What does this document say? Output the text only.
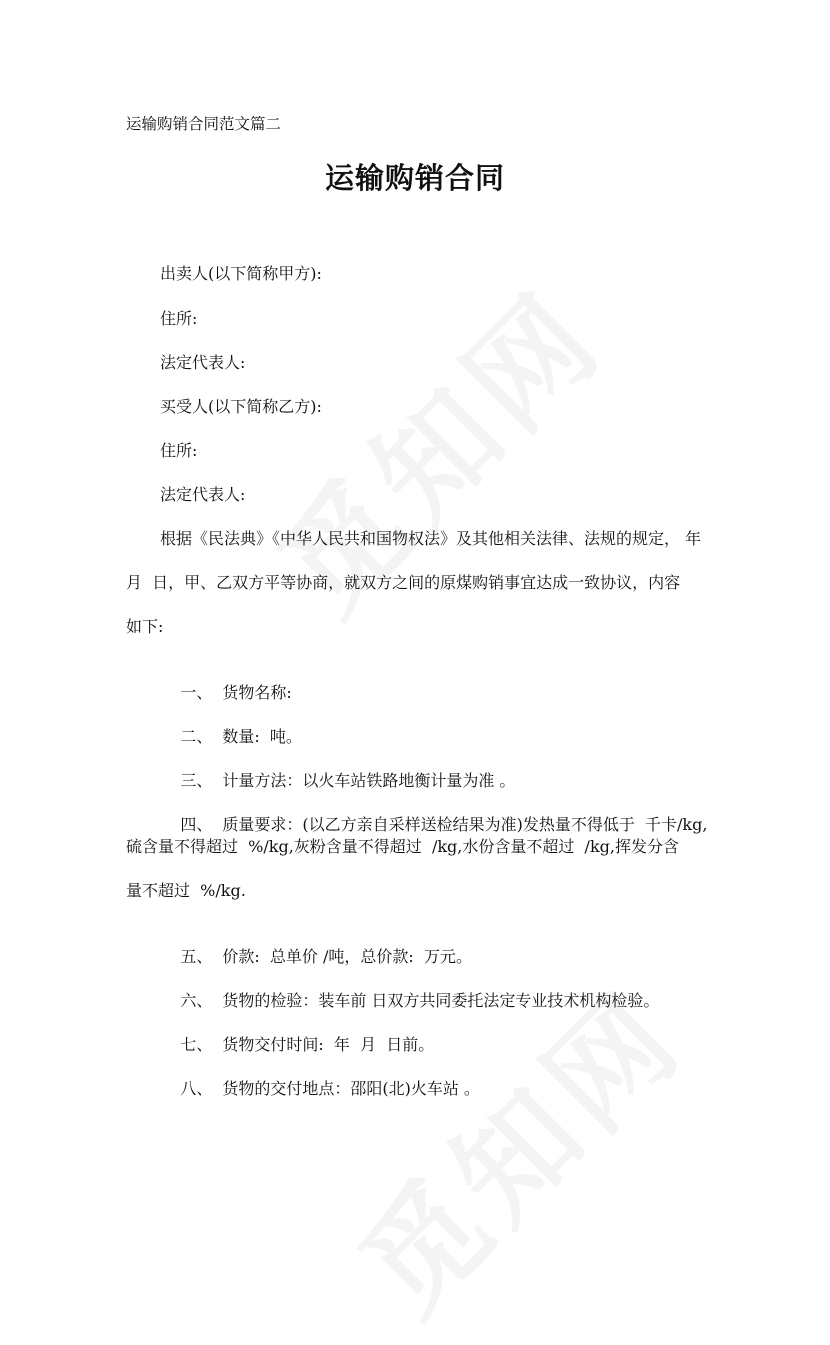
运输购销合同范文篇二
运输购销合同
出卖人(以下简称甲方):
住所:
法定代表人:
买受人(以下简称乙方):
住所:
法定代表人:
根据《民法典》《中华人民共和国物权法》及其他相关法律、法规的规定， 年
月  日，甲、乙双方平等协商，就双方之间的原煤购销事宜达成一致协议，内容
如下:

一、 货物名称:

二、 数量:  吨。

三、 计量方法：以火车站铁路地衡计量为准 。

四、 质量要求：(以乙方亲自采样送检结果为准)发热量不得低于  千卡/kg,

硫含量不得超过  %/kg,灰粉含量不得超过  /kg,水份含量不超过  /kg,挥发分含
量不超过  %/kg.

五、 价款:  总单价 /吨，总价款:  万元。

六、 货物的检验：装车前 日双方共同委托法定专业技术机构检验。

七、 货物交付时间:  年  月  日前。

八、 货物的交付地点：邵阳(北)火车站 。
